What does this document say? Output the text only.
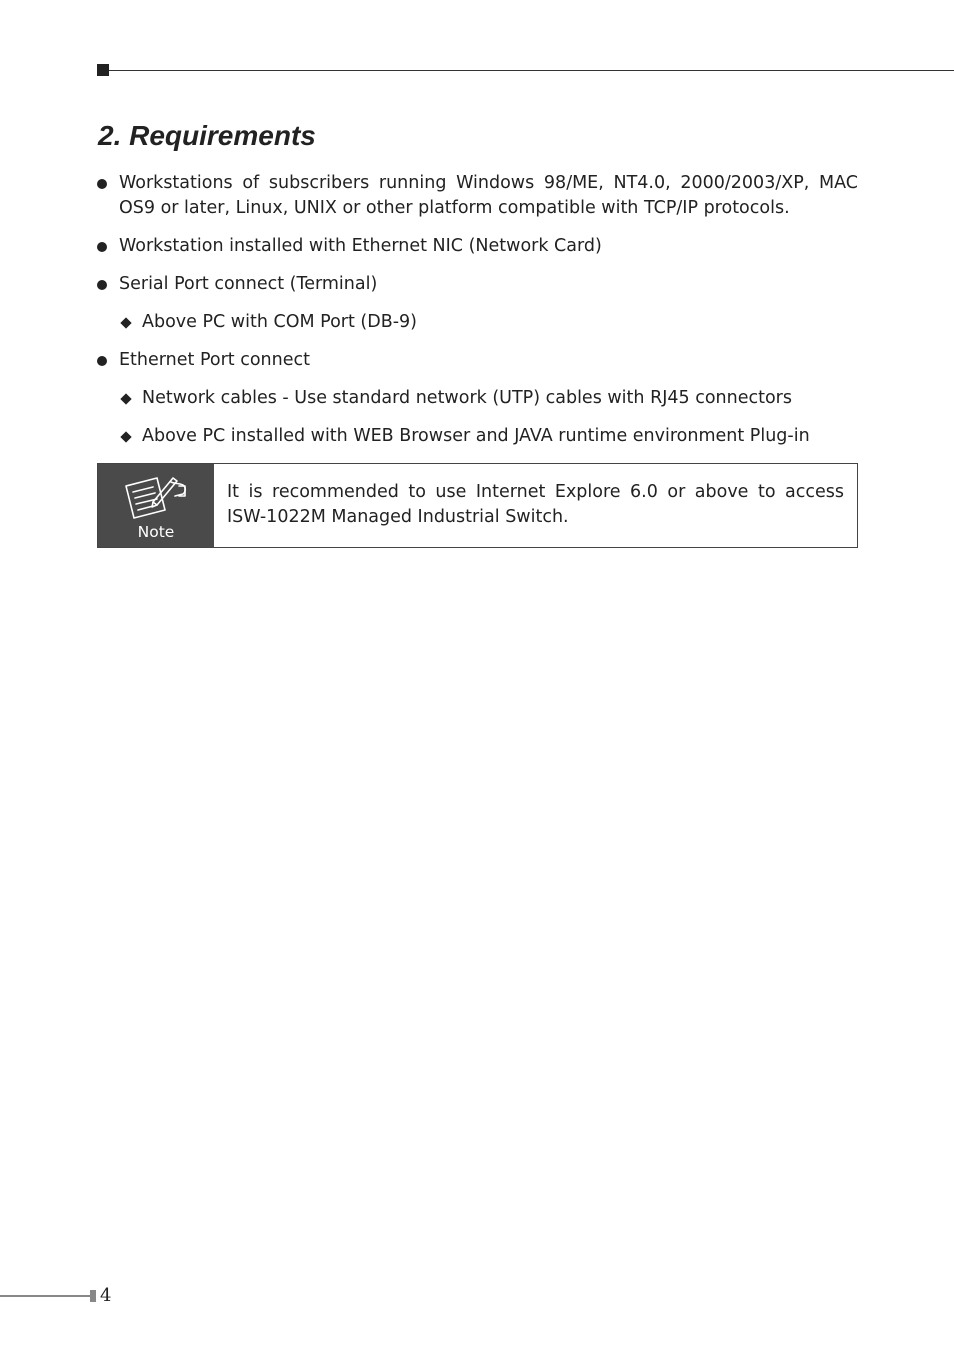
2. Requirements
Workstations of subscribers running Windows 98/ME, NT4.0, 2000/2003/XP, MAC OS9 or later, Linux, UNIX or other platform compatible with TCP/IP protocols.
Workstation installed with Ethernet NIC (Network Card)
Serial Port connect (Terminal)
Above PC with COM Port (DB-9)
Ethernet Port connect
Network cables - Use standard network (UTP) cables with RJ45 connectors
Above PC installed with WEB Browser and JAVA runtime environment Plug-in
Note
It is recommended to use Internet Explore 6.0 or above to access ISW-1022M Managed Industrial Switch.
4
